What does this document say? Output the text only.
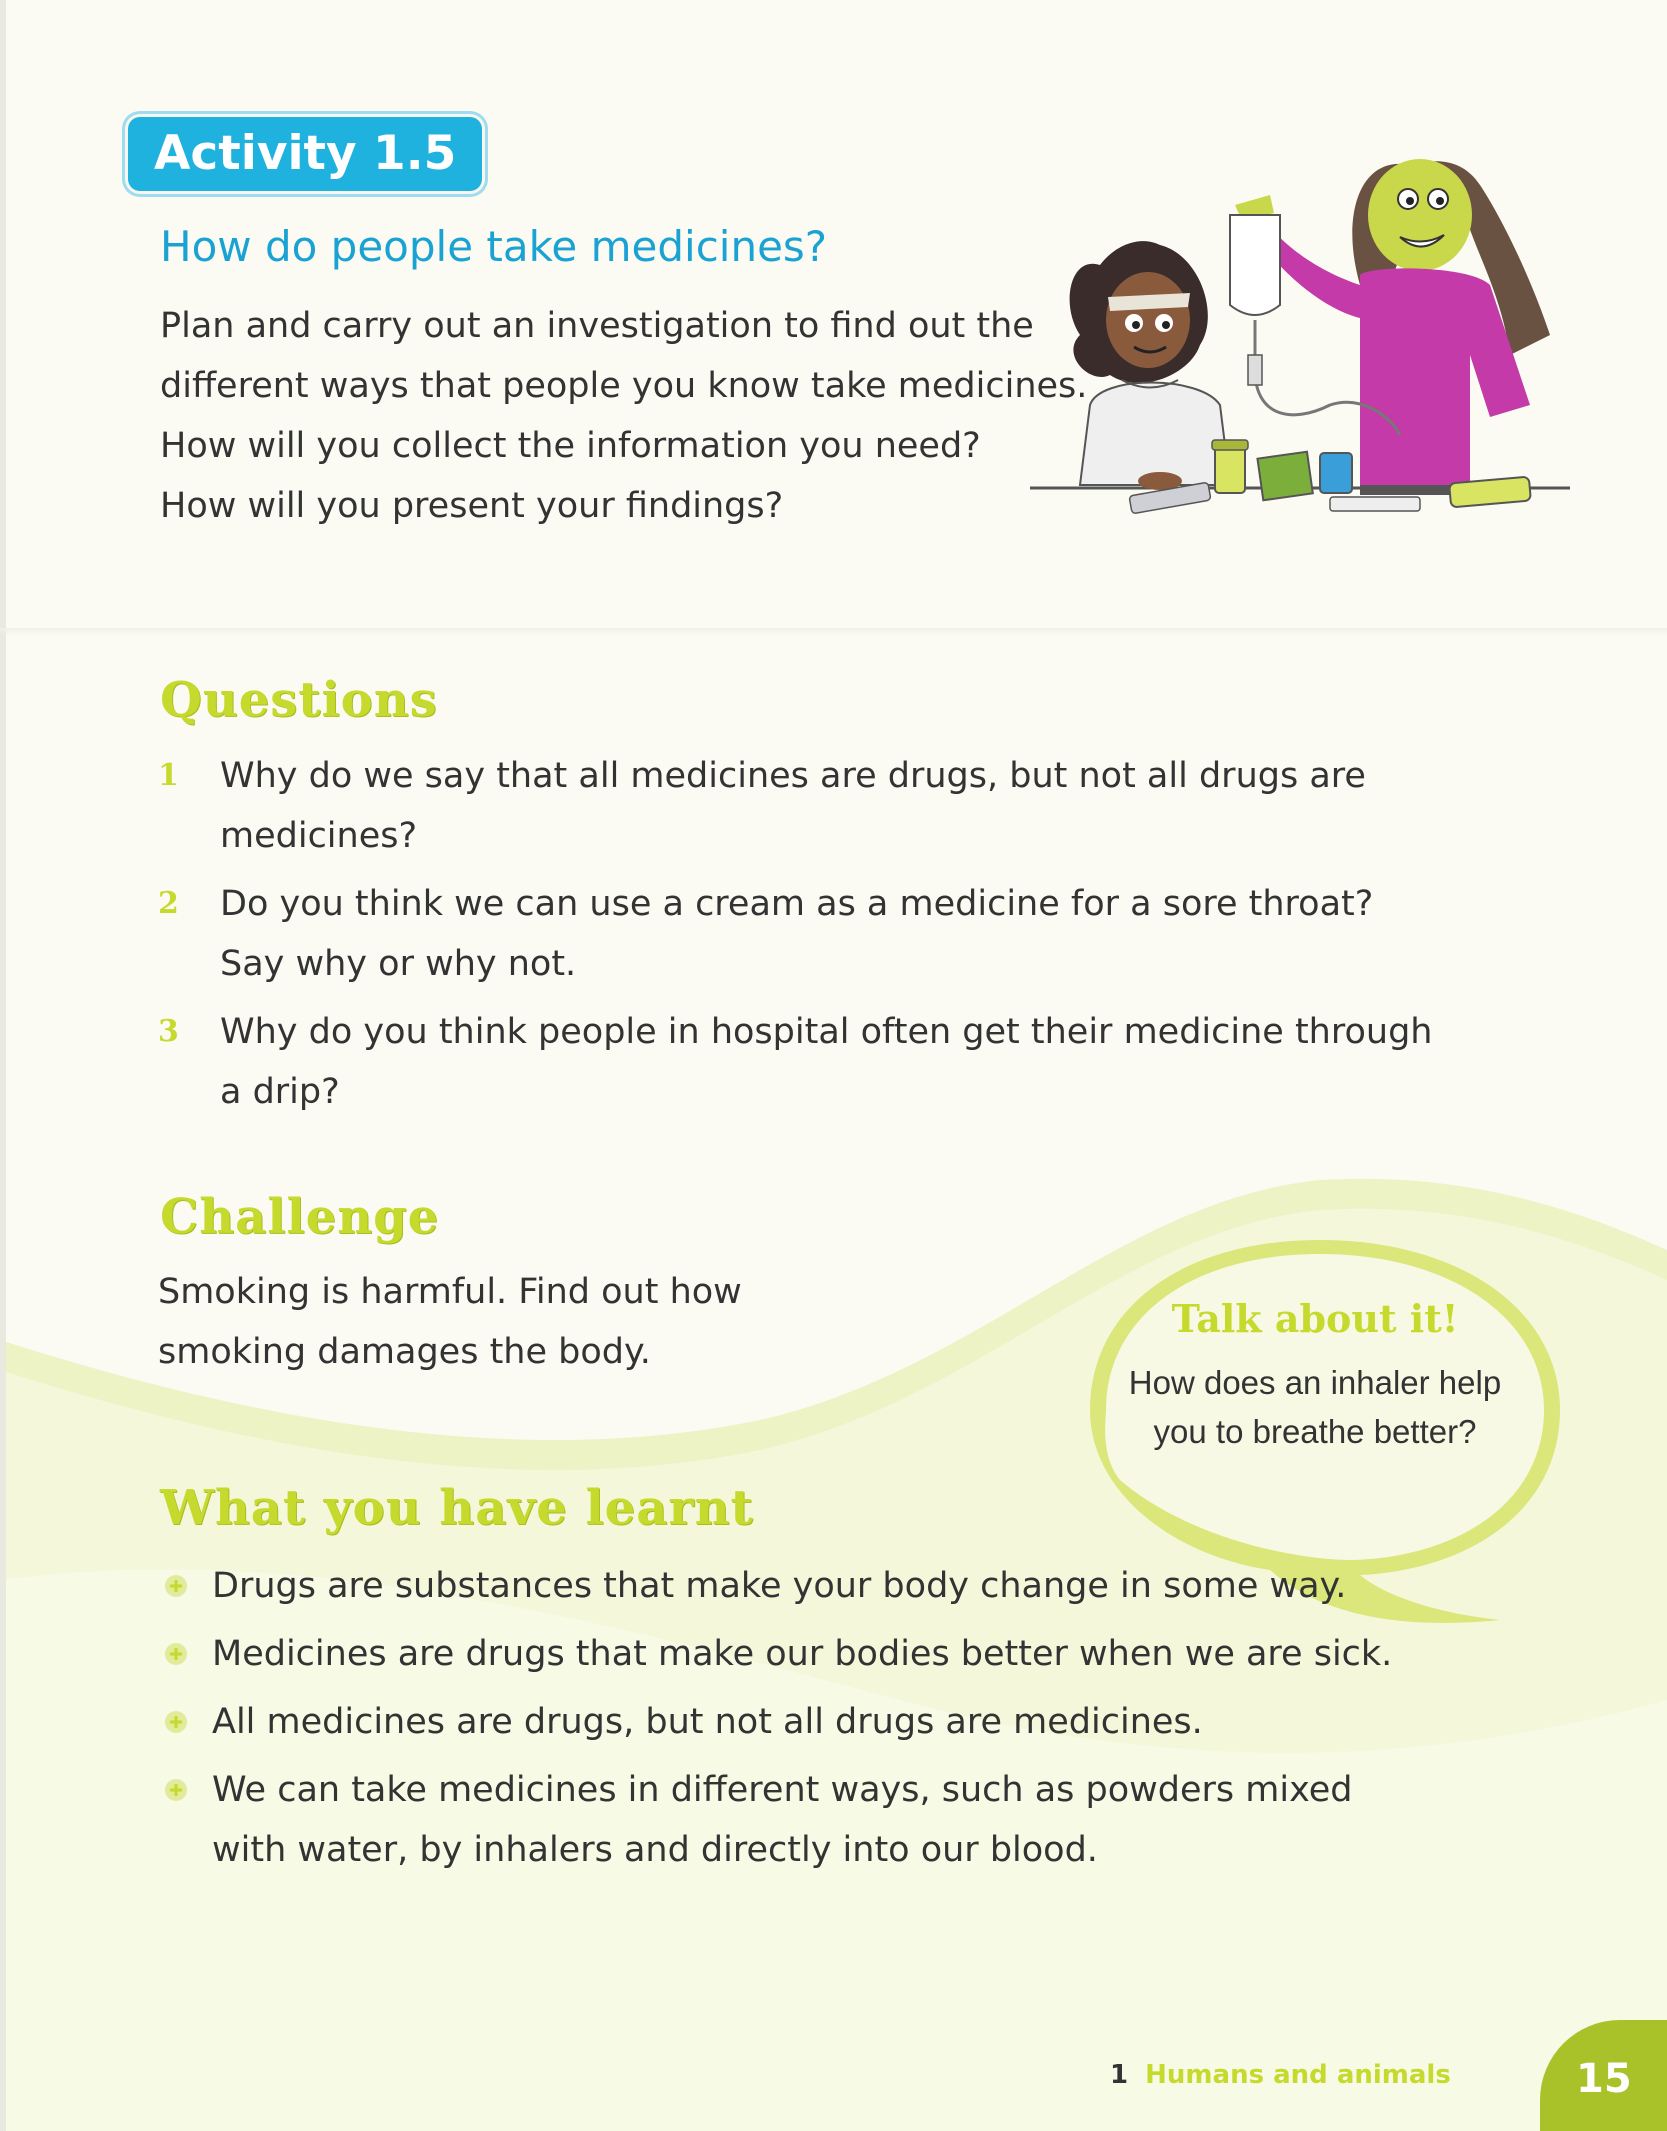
Activity 1.5
How do people take medicines?

Plan and carry out an investigation to find out the

different ways that people you know take medicines.

How will you collect the information you need?

How will you present your findings?

Questions
1 Why do we say that all medicines are drugs, but not all drugs are medicines?
2 Do you think we can use a cream as a medicine for a sore throat? Say why or why not.
3 Why do you think people in hospital often get their medicine through a drip?
Challenge

Smoking is harmful. Find out how smoking damages the body.

Talk about it!
How does an inhaler help you to breathe better?
What you have learnt
Drugs are substances that make your body change in some way.
Medicines are drugs that make our bodies better when we are sick.
All medicines are drugs, but not all drugs are medicines.
We can take medicines in different ways, such as powders mixed with water, by inhalers and directly into our blood.
1 Humans and animals	15
